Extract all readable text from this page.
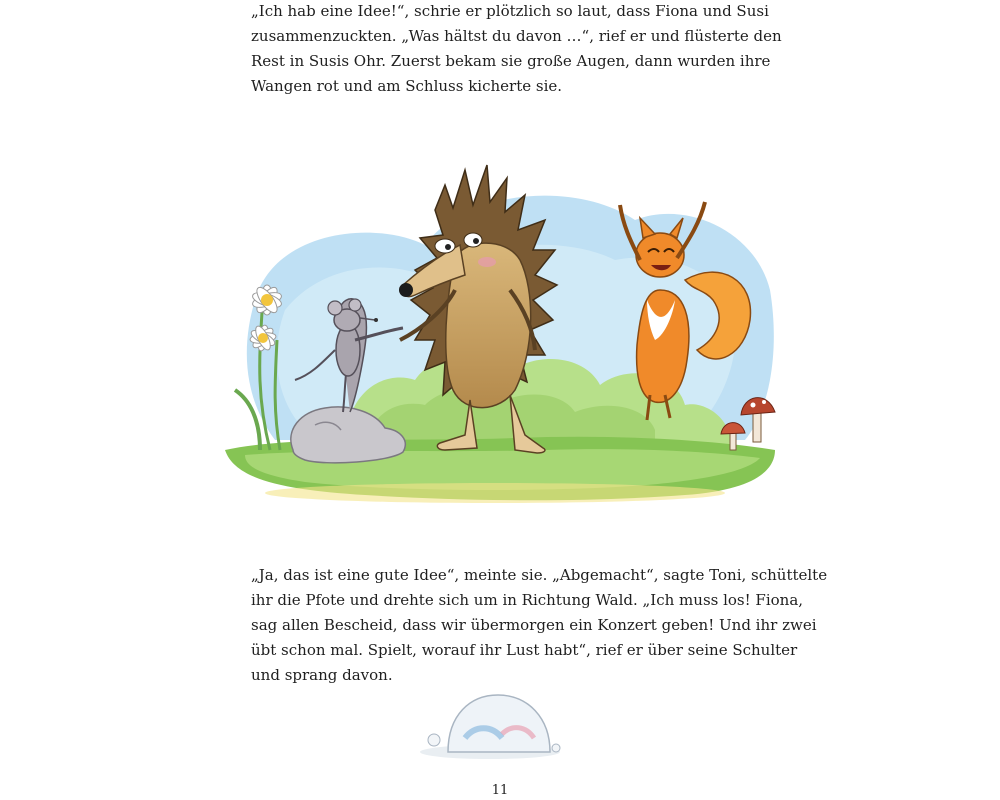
„Ich hab eine Idee!“, schrie er plötzlich so laut, dass Fiona und Susi
zusammenzuckten. „Was hältst du davon …“, rief er und flüsterte den
Rest in Susis Ohr. Zuerst bekam sie große Augen, dann wurden ihre
Wangen rot und am Schluss kicherte sie.
„Ja, das ist eine gute Idee“, meinte sie. „Abgemacht“, sagte Toni, schüttelte
ihr die Pfote und drehte sich um in Richtung Wald. „Ich muss los! Fiona,
sag allen Bescheid, dass wir übermorgen ein Konzert geben! Und ihr zwei
übt schon mal. Spielt, worauf ihr Lust habt“, rief er über seine Schulter
und sprang davon.
11
